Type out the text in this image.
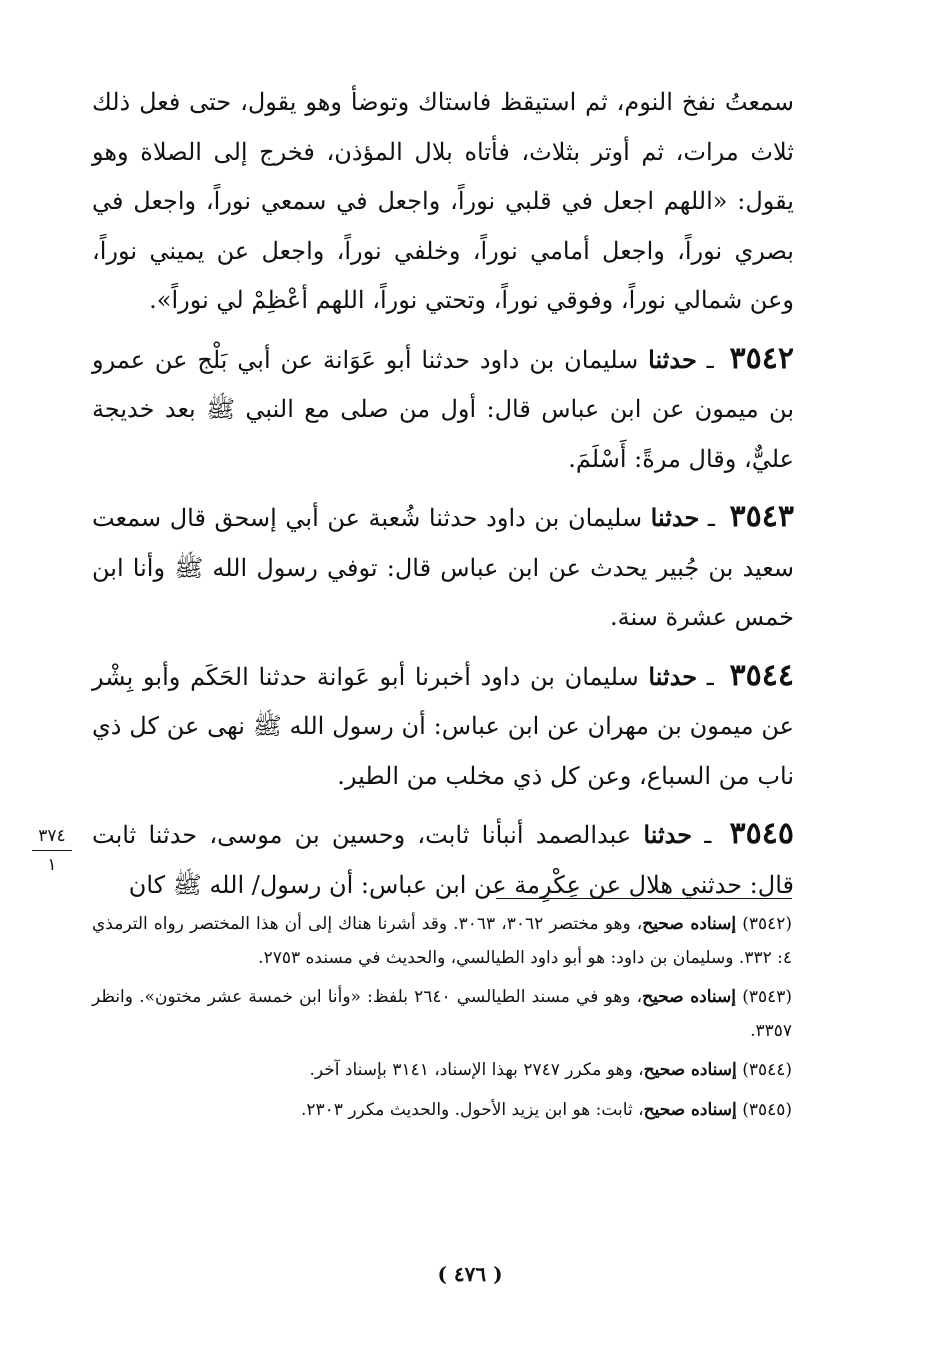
سمعتُ نفخ النوم، ثم استيقظ فاستاك وتوضأ وهو يقول، حتى فعل ذلك ثلاث مرات، ثم أوتر بثلاث، فأتاه بلال المؤذن، فخرج إلى الصلاة وهو يقول: «اللهم اجعل في قلبي نوراً، واجعل في سمعي نوراً، واجعل في بصري نوراً، واجعل أمامي نوراً، وخلفي نوراً، واجعل عن يميني نوراً، وعن شمالي نوراً، وفوقي نوراً، وتحتي نوراً، اللهم أعْظِمْ لي نوراً».

٣٥٤٢ ـ حدثنا سليمان بن داود حدثنا أبو عَوَانة عن أبي بَلْج عن عمرو بن ميمون عن ابن عباس قال: أول من صلى مع النبي ﷺ بعد خديجة عليٌّ، وقال مرةً: أَسْلَمَ.

٣٥٤٣ ـ حدثنا سليمان بن داود حدثنا شُعبة عن أبي إسحق قال سمعت سعيد بن جُبير يحدث عن ابن عباس قال: توفي رسول الله ﷺ وأنا ابن خمس عشرة سنة.

٣٥٤٤ ـ حدثنا سليمان بن داود أخبرنا أبو عَوانة حدثنا الحَكَم وأبو بِشْر عن ميمون بن مهران عن ابن عباس: أن رسول الله ﷺ نهى عن كل ذي ناب من السباع، وعن كل ذي مخلب من الطير.

٣٥٤٥ ـ حدثنا عبدالصمد أنبأنا ثابت، وحسين بن موسى، حدثنا ثابت قال: حدثني هلال عن عِكْرِمة عن ابن عباس: أن رسول/ الله ﷺ كان

٣٧٤
١

(٣٥٤٢) إسناده صحيح، وهو مختصر ٣٠٦٢، ٣٠٦٣. وقد أشرنا هناك إلى أن هذا المختصر رواه الترمذي ٤: ٣٣٢. وسليمان بن داود: هو أبو داود الطيالسي، والحديث في مسنده ٢٧٥٣.

(٣٥٤٣) إسناده صحيح، وهو في مسند الطيالسي ٢٦٤٠ بلفظ: «وأنا ابن خمسة عشر مختون». وانظر ٣٣٥٧.

(٣٥٤٤) إسناده صحيح، وهو مكرر ٢٧٤٧ بهذا الإسناد، ٣١٤١ بإسناد آخر.

(٣٥٤٥) إسناده صحيح، ثابت: هو ابن يزيد الأحول. والحديث مكرر ٢٣٠٣.

( ٤٧٦ )
